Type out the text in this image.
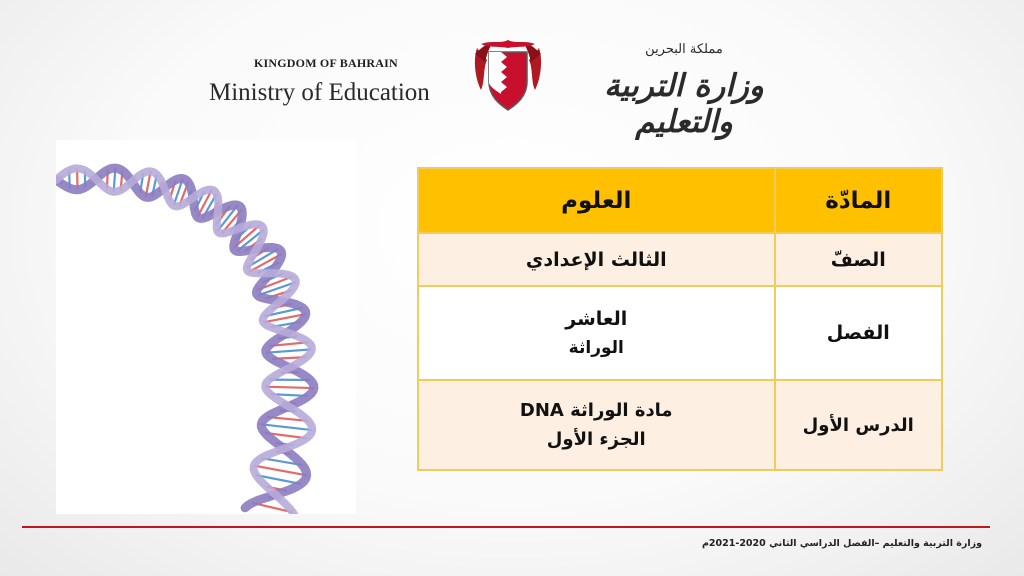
KINGDOM OF BAHRAIN
Ministry of Education
مملكة البحرين
وزارة التربية والتعليم
المادّة	العلوم
الصفّ	الثالث الإعدادي
الفصل	العاشر
الوراثة

الدرس الأول	مادة الوراثة DNA
الجزء الأول
وزارة التربية والتعليم –الفصل الدراسي الثاني 2020-2021م
